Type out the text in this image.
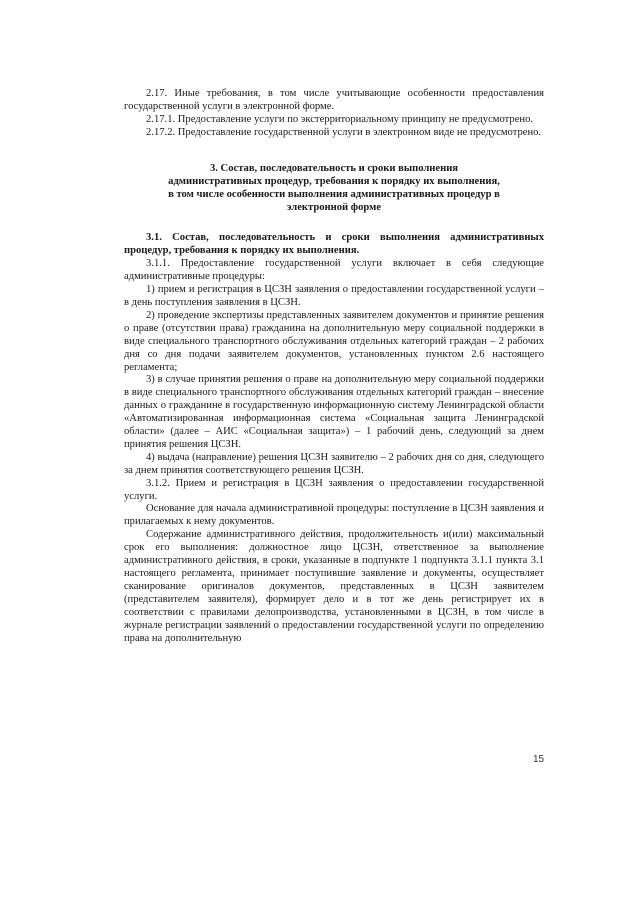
2.17. Иные требования, в том числе учитывающие особенности предоставления государственной услуги в электронной форме.

2.17.1. Предоставление услуги по экстерриториальному принципу не предусмотрено.

2.17.2. Предоставление государственной услуги в электронном виде не предусмотрено.

3. Состав, последовательность и сроки выполнения административных процедур, требования к порядку их выполнения, в том числе особенности выполнения административных процедур в электронной форме

3.1. Состав, последовательность и сроки выполнения административных процедур, требования к порядку их выполнения.

3.1.1. Предоставление государственной услуги включает в себя следующие административные процедуры:

1) прием и регистрация в ЦСЗН заявления о предоставлении государственной услуги – в день поступления заявления в ЦСЗН.

2) проведение экспертизы представленных заявителем документов и принятие решения о праве (отсутствии права) гражданина на дополнительную меру социальной поддержки в виде специального транспортного обслуживания отдельных категорий граждан – 2 рабочих дня со дня подачи заявителем документов, установленных пунктом 2.6 настоящего регламента;

3) в случае принятия решения о праве на дополнительную меру социальной поддержки в виде специального транспортного обслуживания отдельных категорий граждан – внесение данных о гражданине в государственную информационную систему Ленинградской области «Автоматизированная информационная система «Социальная защита Ленинградской области» (далее – АИС «Социальная защита») – 1 рабочий день, следующий за днем принятия решения ЦСЗН.

4) выдача (направление) решения ЦСЗН заявителю – 2 рабочих дня со дня, следующего за днем принятия соответствующего решения ЦСЗН.

3.1.2. Прием и регистрация в ЦСЗН заявления о предоставлении государственной услуги.

Основание для начала административной процедуры: поступление в ЦСЗН заявления и прилагаемых к нему документов.

Содержание административного действия, продолжительность и(или) максимальный срок его выполнения: должностное лицо ЦСЗН, ответственное за выполнение административного действия, в сроки, указанные в подпункте 1 подпункта 3.1.1 пункта 3.1 настоящего регламента, принимает поступившие заявление и документы, осуществляет сканирование оригиналов документов, представленных в ЦСЗН заявителем (представителем заявителя), формирует дело и в тот же день регистрирует их в соответствии с правилами делопроизводства, установленными в ЦСЗН, в том числе в журнале регистрации заявлений о предоставлении государственной услуги по определению права на дополнительную

15
